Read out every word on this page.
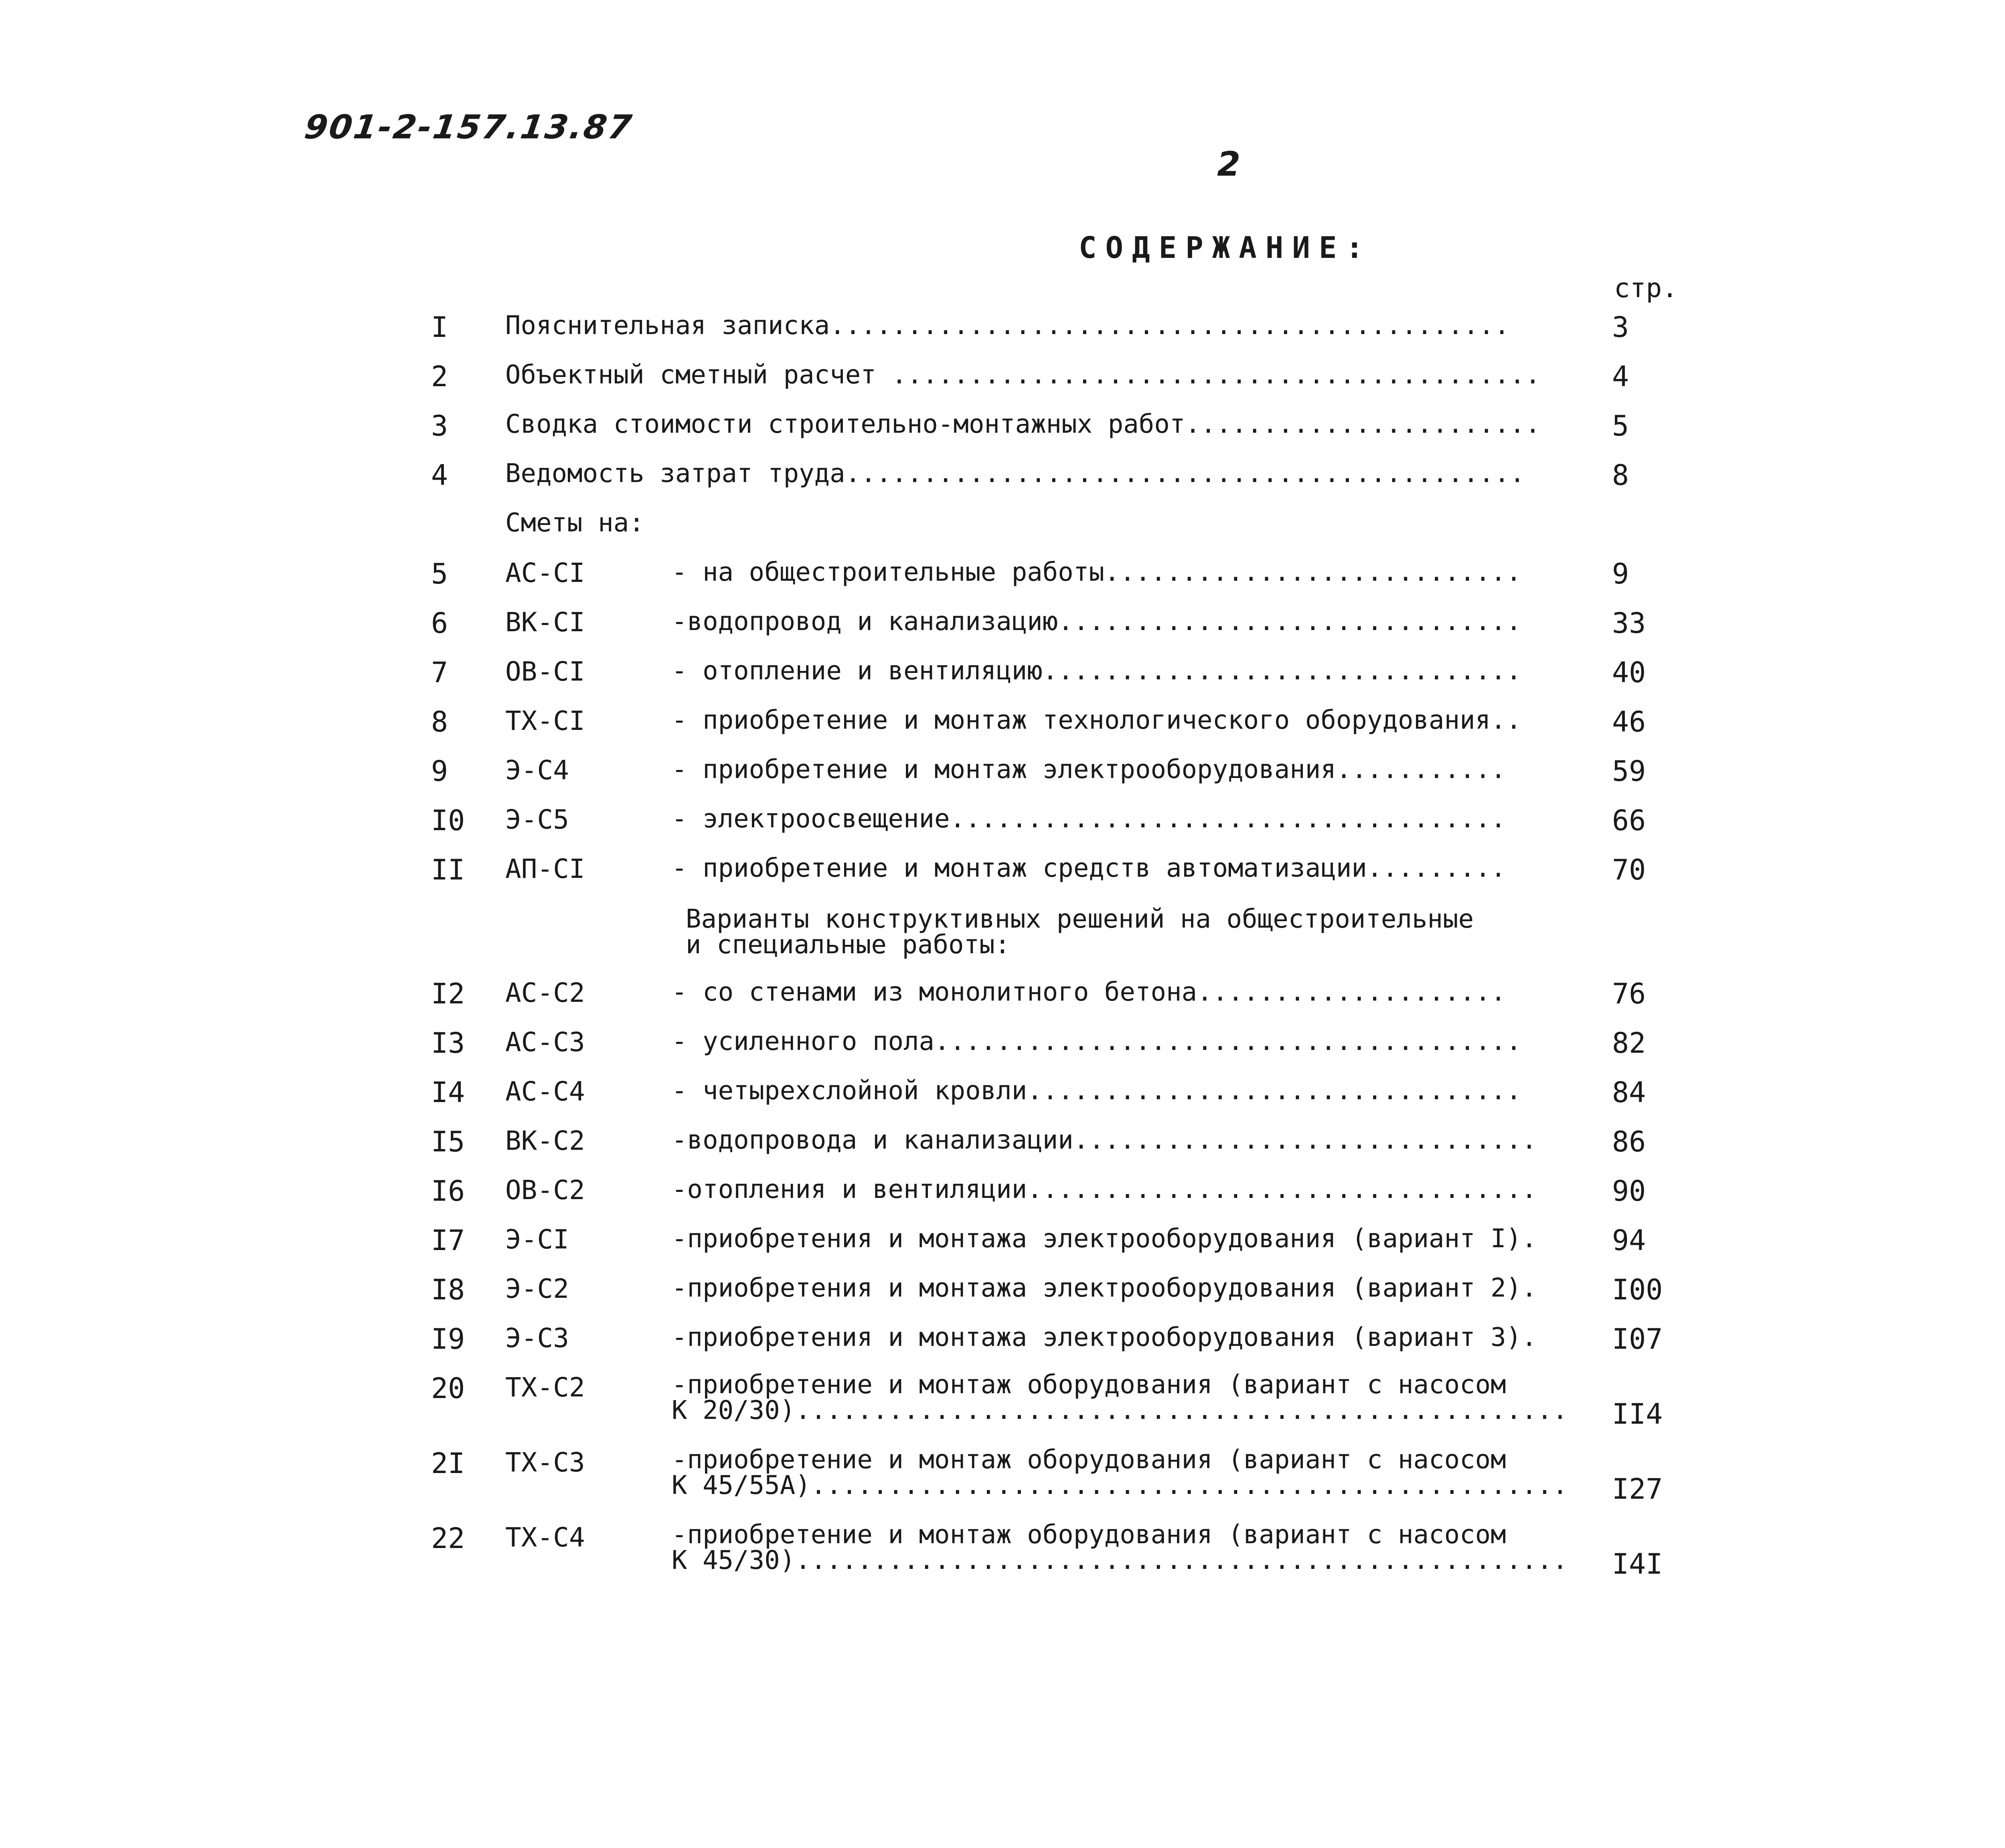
901-2-157.13.87
2
СОДЕРЖАНИЕ:
стр.
I Пояснительная записка............................................	3
2 Объектный сметный расчет ..........................................	4
3 Сводка стоимости строительно-монтажных работ.......................	5
4 Ведомость затрат труда............................................	8
Сметы на:
5 АС-СI	- на общестроительные работы...........................	9
6 ВК-СI	-водопровод и канализацию..............................	33
7 ОВ-СI	- отопление и вентиляцию...............................	40
8 ТХ-СI	- приобретение и монтаж технологического оборудования..	46
9 Э-С4	- приобретение и монтаж электрооборудования...........	59
I0 Э-С5	- электроосвещение....................................	66
II АП-СI	- приобретение и монтаж средств автоматизации.........	70
Варианты конструктивных решений на общестроительные
и специальные работы:
I2 АС-С2	- со стенами из монолитного бетона....................	76
I3 АС-С3	- усиленного пола......................................	82
I4 АС-С4	- четырехслойной кровли................................	84
I5 ВК-С2	-водопровода и канализации..............................	86
I6 ОВ-С2	-отопления и вентиляции.................................	90
I7 Э-СI	-приобретения и монтажа электрооборудования (вариант I).	94
I8 Э-С2	-приобретения и монтажа электрооборудования (вариант 2).	I00
I9 Э-С3	-приобретения и монтажа электрооборудования (вариант 3).	I07
20 ТХ-С2	-приобретение и монтаж оборудования (вариант с насосом
К 20/30).................................................. II4
2I ТХ-С3	-приобретение и монтаж оборудования (вариант с насосом
К 45/55А)................................................. I27
22 ТХ-С4	-приобретение и монтаж оборудования (вариант с насосом
К 45/30).................................................. I4I
